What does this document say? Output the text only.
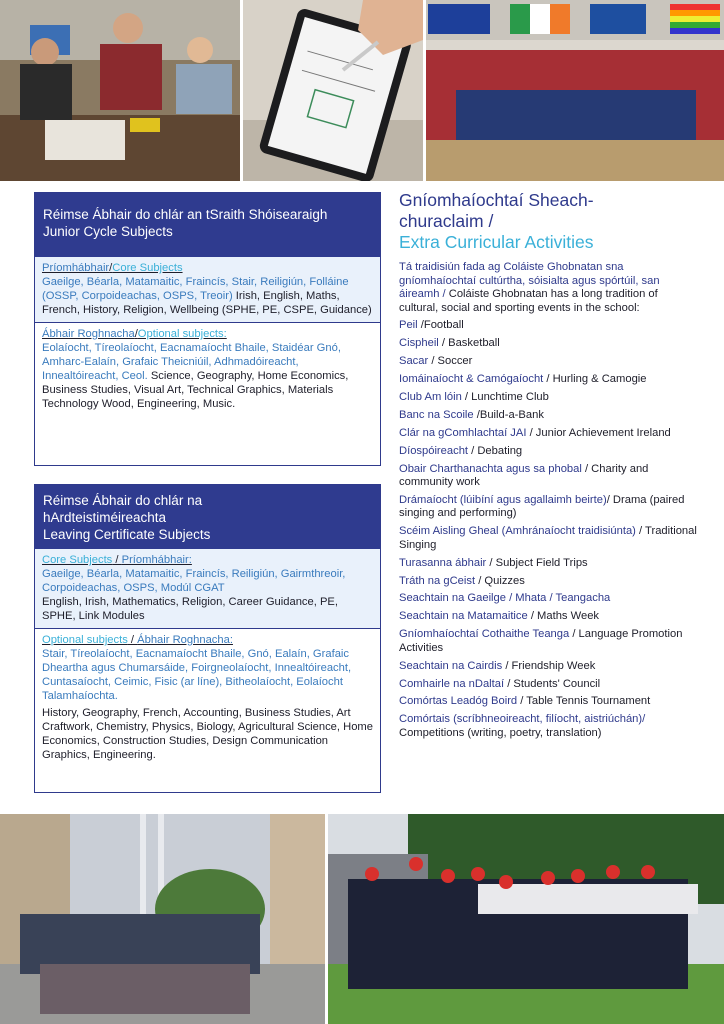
Réimse Ábhair do chlár an tSraith Shóisearaigh
Junior Cycle Subjects
Príomhábhair/Core Subjects
Gaeilge, Béarla, Matamaitic, Fraincís, Stair, Reiligiún, Folláine (OSSP, Corpoideachas, OSPS, Treoir) Irish, English, Maths, French, History, Religion, Wellbeing (SPHE, PE, CSPE, Guidance)
Ábhair Roghnacha/Optional subjects:
Eolaíocht, Tíreolaíocht, Eacnamaíocht Bhaile, Staidéar Gnó, Amharc-Ealaín, Grafaic Theicniúil, Adhmadóireacht, Innealtóireacht, Ceol. Science, Geography, Home Economics, Business Studies, Visual Art, Technical Graphics, Materials Technology Wood, Engineering, Music.
Réimse Ábhair do chlár na
hArdteistiméireachta
Leaving Certificate Subjects
Core Subjects / Príomhábhair:
Gaeilge, Béarla, Matamaitic, Fraincís, Reiligiún, Gairmthreoir, Corpoideachas, OSPS, Modúl CGAT
English, Irish, Mathematics, Religion, Career Guidance, PE, SPHE, Link Modules
Optional subjects / Ábhair Roghnacha:
Stair, Tíreolaíocht, Eacnamaíocht Bhaile, Gnó, Ealaín, Grafaic Dheartha agus Chumarsáide, Foirgneolaíocht, Innealtóireacht, Cuntasaíocht, Ceimic, Fisic (ar líne), Bitheolaíocht, Eolaíocht Talamhaíochta.
History, Geography, French, Accounting, Business Studies, Art Craftwork, Chemistry, Physics, Biology, Agricultural Science, Home Economics, Construction Studies, Design Communication Graphics, Engineering.
Gníomhaíochtaí Sheach-
churaclaim /
Extra Curricular Activities
Tá traidisiún fada ag Coláiste Ghobnatan sna gníomhaíochtaí cultúrtha, sóisialta agus spórtúil, san áireamh / Coláiste Ghobnatan has a long tradition of cultural, social and sporting events in the school:
Peil /Football
Cispheil / Basketball
Sacar / Soccer
Iomáinaíocht & Camógaíocht / Hurling & Camogie
Club Am lóin / Lunchtime Club
Banc na Scoile /Build-a-Bank
Clár na gComhlachtaí JAI / Junior Achievement Ireland
Díospóireacht / Debating
Obair Charthanachta agus sa phobal / Charity and community work
Drámaíocht (lúibíní agus agallaimh beirte)/ Drama (paired singing and performing)
Scéim Aisling Gheal (Amhránaíocht traidisiúnta) / Traditional Singing
Turasanna ábhair / Subject Field Trips
Tráth na gCeist / Quizzes
Seachtain na Gaeilge / Mhata / Teangacha
Seachtain na Matamaitice / Maths Week
Gníomhaíochtaí Cothaithe Teanga / Language Promotion Activities
Seachtain na Cairdis / Friendship Week
Comhairle na nDaltaí / Students' Council
Comórtas Leadóg Boird / Table Tennis Tournament
Comórtais (scríbhneoireacht, filíocht, aistriúchán)/ Competitions (writing, poetry, translation)
